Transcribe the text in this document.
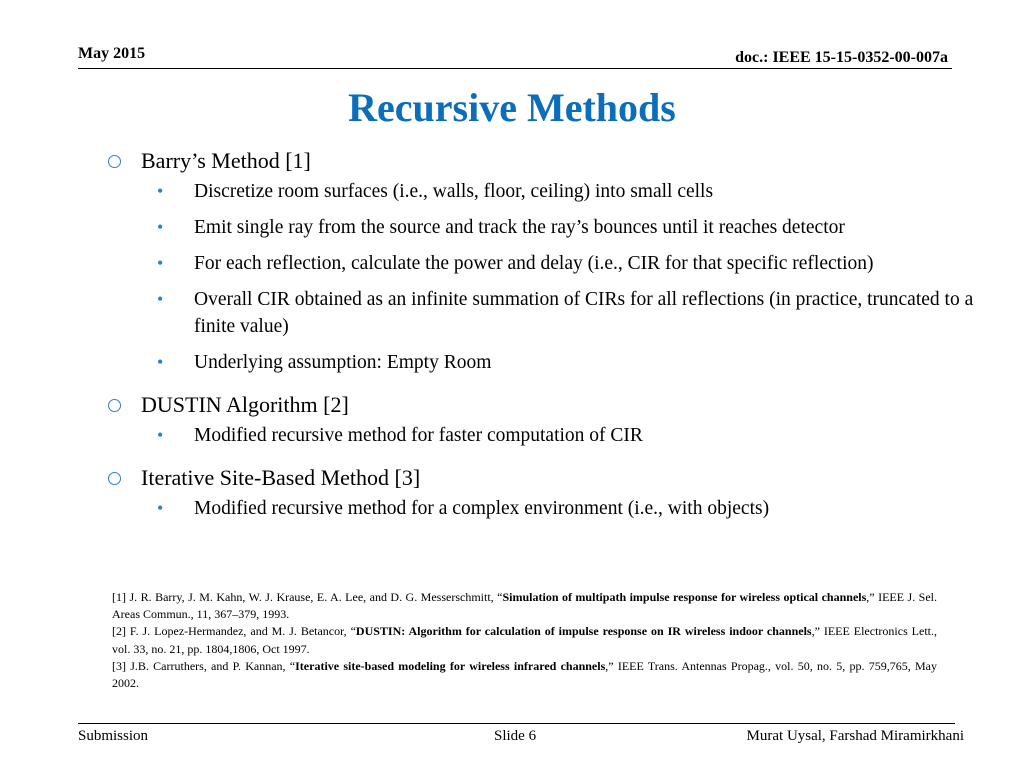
May 2015	doc.: IEEE 15-15-0352-00-007a
Recursive Methods
Barry’s Method [1]
• Discretize room surfaces (i.e., walls, floor, ceiling) into small cells
• Emit single ray from the source and track the ray’s bounces until it reaches detector
• For each reflection, calculate the power and delay (i.e., CIR for that specific reflection)
• Overall CIR obtained as an infinite summation of CIRs for all reflections (in practice, truncated to a finite value)
• Underlying assumption: Empty Room
DUSTIN Algorithm [2]
• Modified recursive method for faster computation of CIR
Iterative Site-Based Method [3]
• Modified recursive method for a complex environment (i.e., with objects)
[1] J. R. Barry, J. M. Kahn, W. J. Krause, E. A. Lee, and D. G. Messerschmitt, “Simulation of multipath impulse response for wireless optical channels,” IEEE J. Sel. Areas Commun., 11, 367–379, 1993.
[2] F. J. Lopez-Hermandez, and M. J. Betancor, “DUSTIN: Algorithm for calculation of impulse response on IR wireless indoor channels,” IEEE Electronics Lett., vol. 33, no. 21, pp. 1804,1806, Oct 1997.
[3] J.B. Carruthers, and P. Kannan, “Iterative site-based modeling for wireless infrared channels,” IEEE Trans. Antennas Propag., vol. 50, no. 5, pp. 759,765, May 2002.
Submission	Slide 6	Murat Uysal, Farshad Miramirkhani
